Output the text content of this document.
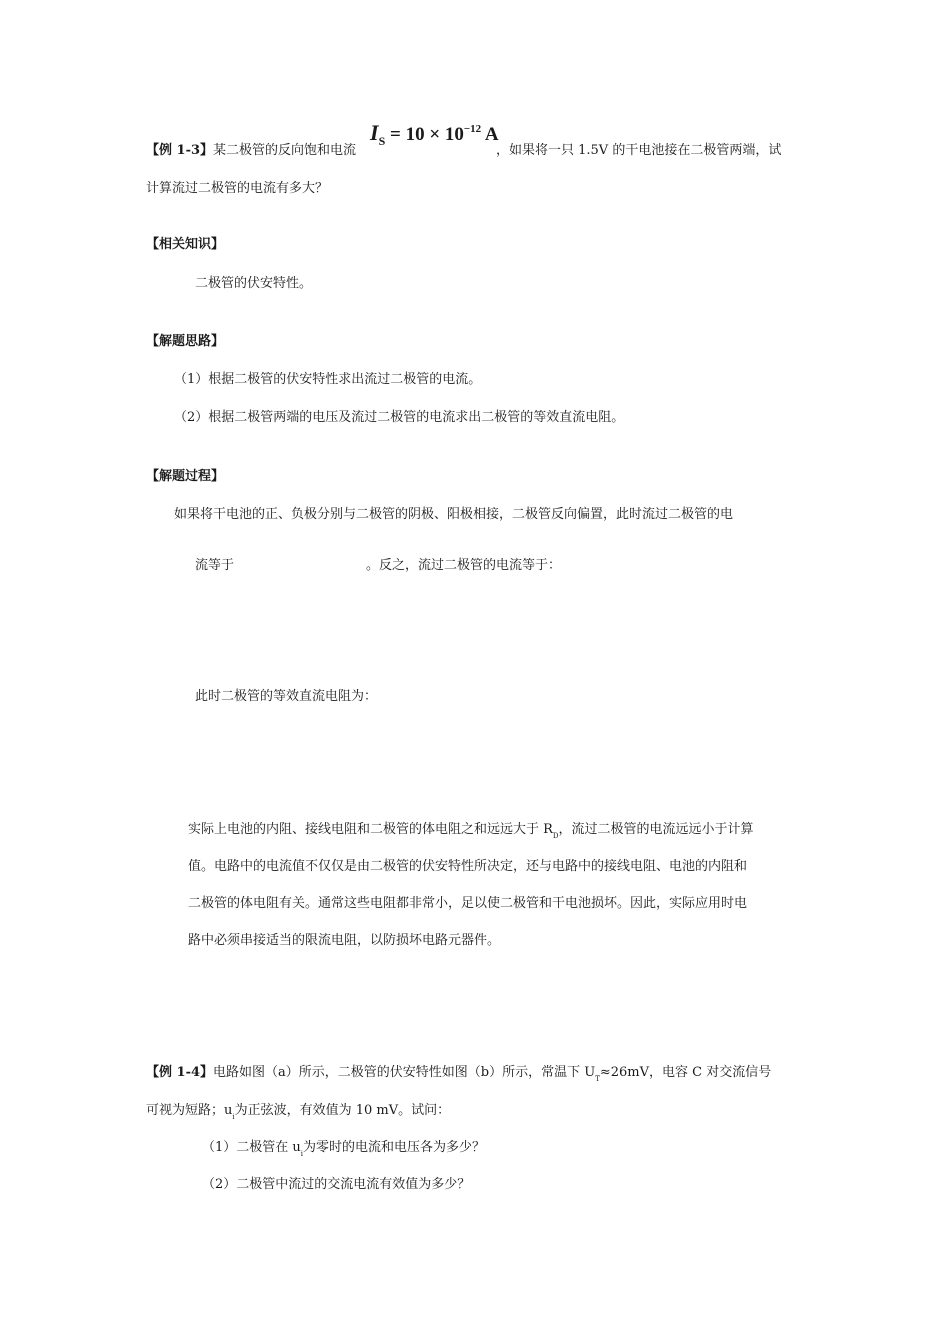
【例 1-3】某二极管的反向饱和电流
$I_S = 10 \times 10^{-12}$ A
，如果将一只 1.5V 的干电池接在二极管两端，试
计算流过二极管的电流有多大？
【相关知识】
二极管的伏安特性。
【解题思路】
（1）根据二极管的伏安特性求出流过二极管的电流。
（2）根据二极管两端的电压及流过二极管的电流求出二极管的等效直流电阻。
【解题过程】
如果将干电池的正、负极分别与二极管的阴极、阳极相接，二极管反向偏置，此时流过二极管的电
流等于	。反之，流过二极管的电流等于：
此时二极管的等效直流电阻为：
实际上电池的内阻、接线电阻和二极管的体电阻之和远远大于 $R_D$，流过二极管的电流远远小于计算
值。电路中的电流值不仅仅是由二极管的伏安特性所决定，还与电路中的接线电阻、电池的内阻和
二极管的体电阻有关。通常这些电阻都非常小，足以使二极管和干电池损坏。因此，实际应用时电
路中必须串接适当的限流电阻，以防损坏电路元器件。
【例 1-4】电路如图（a）所示，二极管的伏安特性如图（b）所示，常温下 $U_T\approx 26mV$，电容 C 对交流信号
可视为短路；$u_i$为正弦波，有效值为 10 mV。试问：
（1）二极管在 $u_i$为零时的电流和电压各为多少？
（2）二极管中流过的交流电流有效值为多少？
